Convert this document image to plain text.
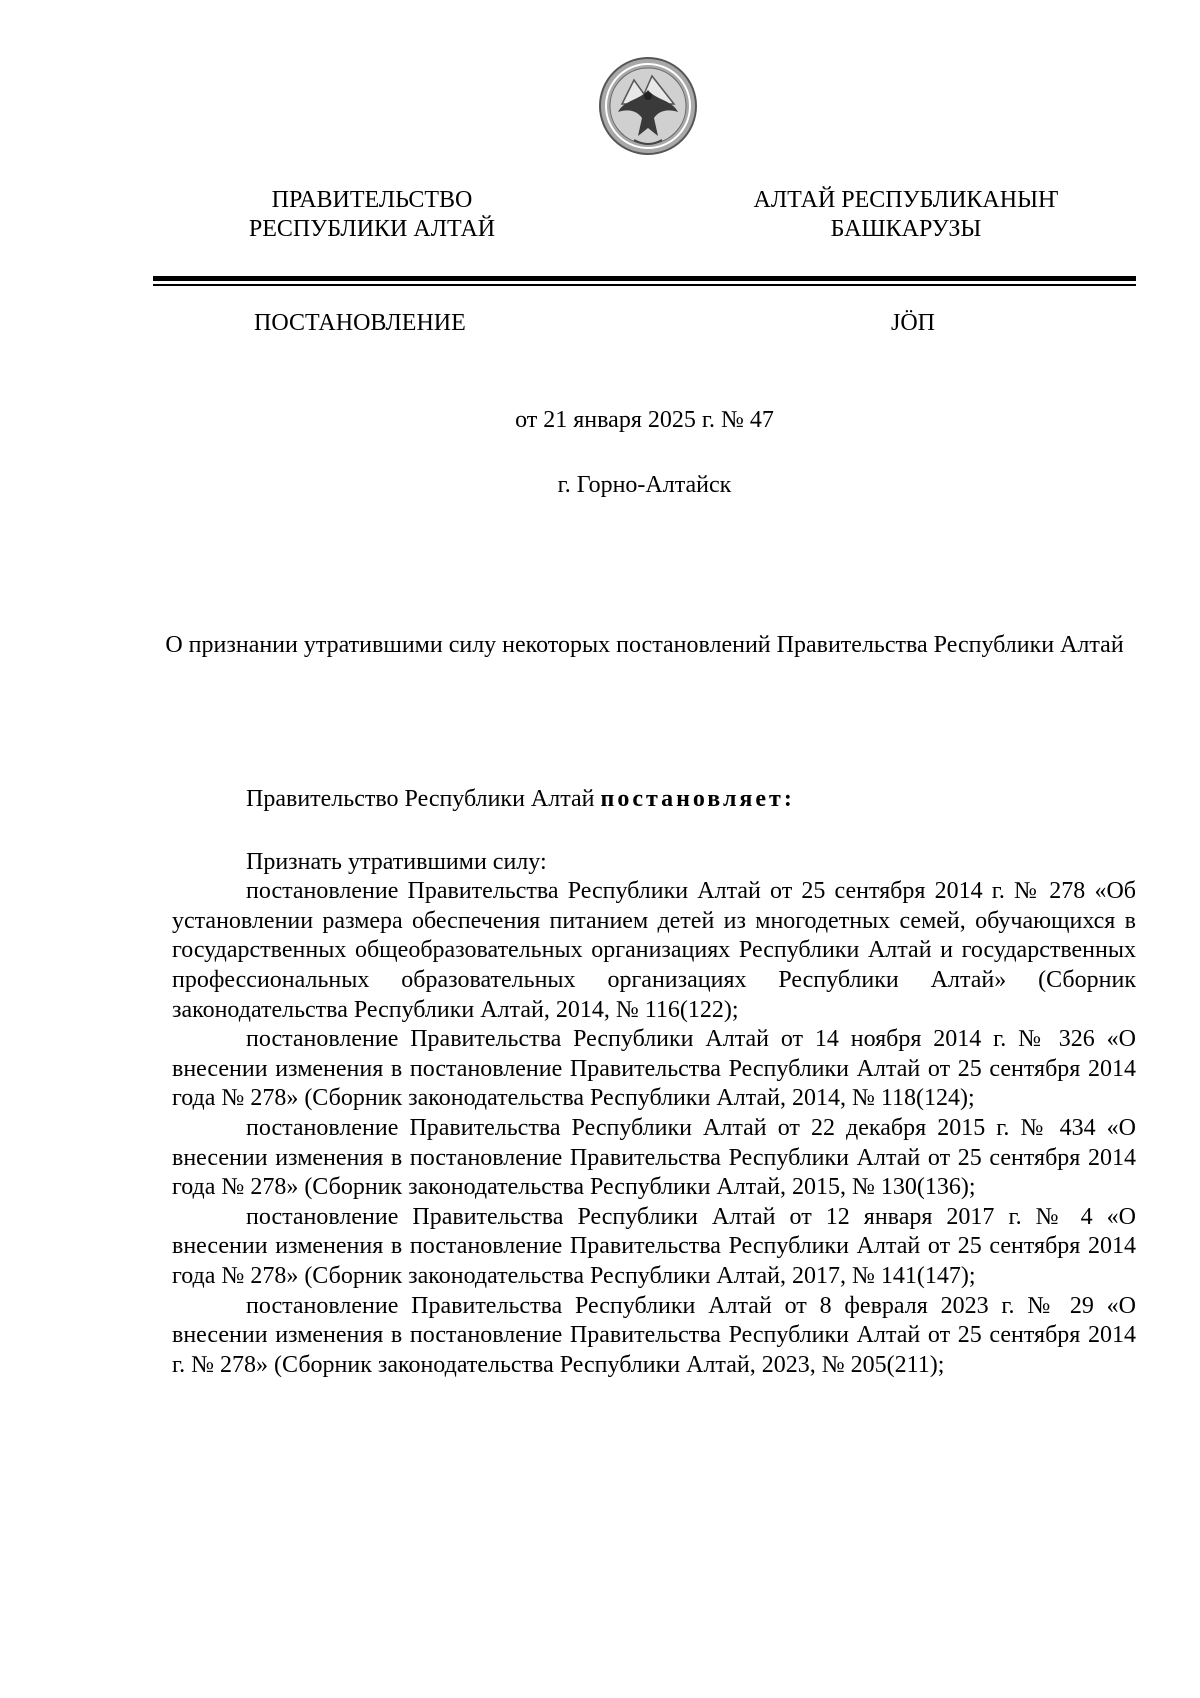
ПРАВИТЕЛЬСТВО
РЕСПУБЛИКИ АЛТАЙ
АЛТАЙ РЕСПУБЛИКАНЫҤ
БАШКАРУЗЫ
ПОСТАНОВЛЕНИЕ	JӦП
от 21 января 2025 г. № 47
г. Горно-Алтайск
О признании утратившими силу некоторых постановлений Правительства Республики Алтай

Правительство Республики Алтай постановляет:

Признать утратившими силу:

постановление Правительства Республики Алтай от 25 сентября 2014 г. № 278 «Об установлении размера обеспечения питанием детей из многодетных семей, обучающихся в государственных общеобразовательных организациях Республики Алтай и государственных профессиональных образовательных организациях Республики Алтай» (Сборник законодательства Республики Алтай, 2014, № 116(122);

постановление Правительства Республики Алтай от 14 ноября 2014 г. № 326 «О внесении изменения в постановление Правительства Республики Алтай от 25 сентября 2014 года № 278» (Сборник законодательства Республики Алтай, 2014, № 118(124);

постановление Правительства Республики Алтай от 22 декабря 2015 г. № 434 «О внесении изменения в постановление Правительства Республики Алтай от 25 сентября 2014 года № 278» (Сборник законодательства Республики Алтай, 2015, № 130(136);

постановление Правительства Республики Алтай от 12 января 2017 г. № 4 «О внесении изменения в постановление Правительства Республики Алтай от 25 сентября 2014 года № 278» (Сборник законодательства Республики Алтай, 2017, № 141(147);

постановление Правительства Республики Алтай от 8 февраля 2023 г. № 29 «О внесении изменения в постановление Правительства Республики Алтай от 25 сентября 2014 г. № 278» (Сборник законодательства Республики Алтай, 2023, № 205(211);
